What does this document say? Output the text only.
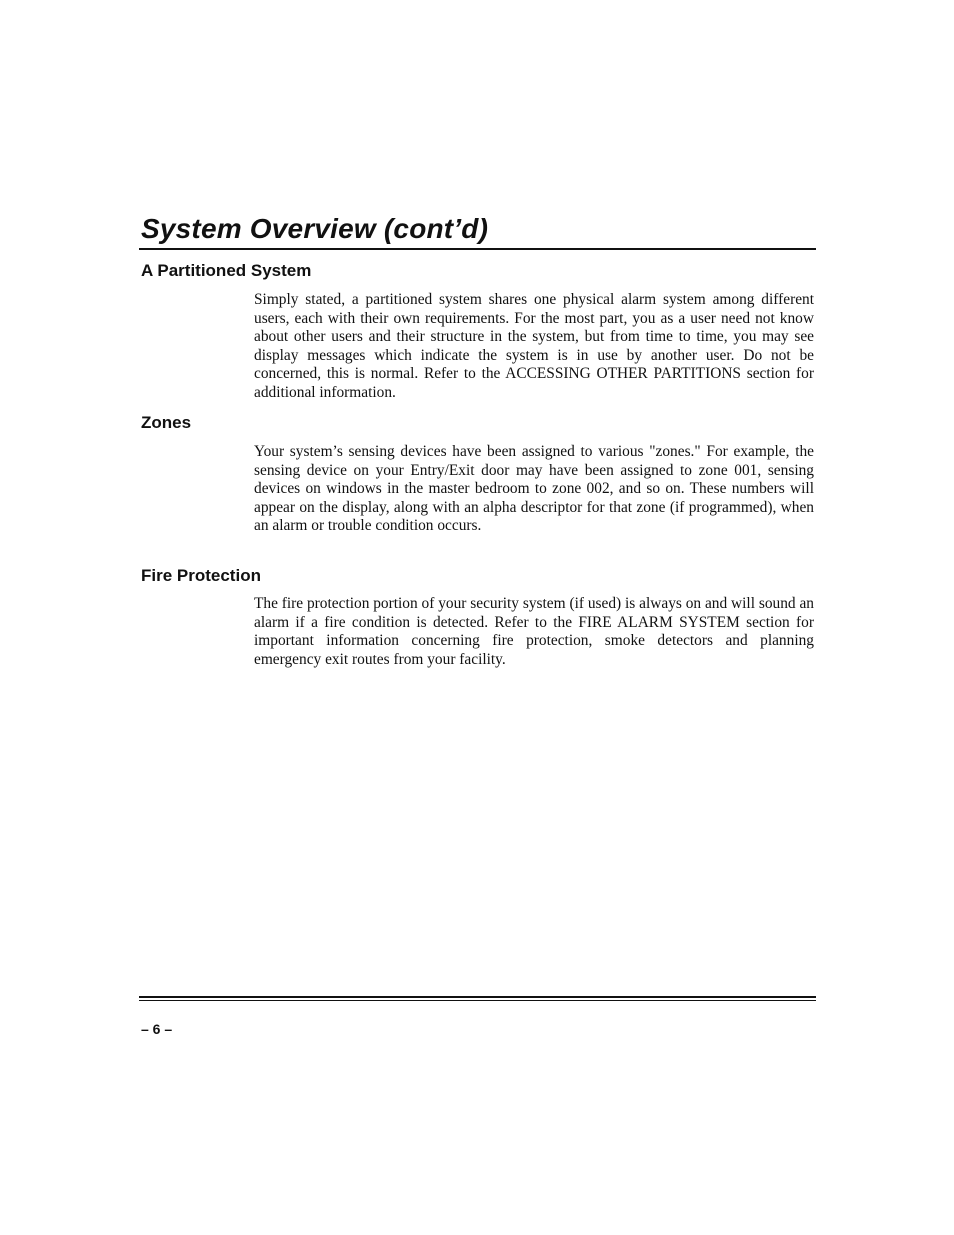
System Overview (cont’d)
A Partitioned System

Simply stated, a partitioned system shares one physical alarm system among different users, each with their own requirements. For the most part, you as a user need not know about other users and their structure in the system, but from time to time, you may see display messages which indicate the system is in use by another user. Do not be concerned, this is normal. Refer to the ACCESSING OTHER PARTITIONS section for additional information.

Zones

Your system’s sensing devices have been assigned to various "zones." For example, the sensing device on your Entry/Exit door may have been assigned to zone 001, sensing devices on windows in the master bedroom to zone 002, and so on. These numbers will appear on the display, along with an alpha descriptor for that zone (if programmed), when an alarm or trouble condition occurs.

Fire Protection

The fire protection portion of your security system (if used) is always on and will sound an alarm if a fire condition is detected. Refer to the FIRE ALARM SYSTEM section for important information concerning fire protection, smoke detectors and planning emergency exit routes from your facility.

– 6 –
